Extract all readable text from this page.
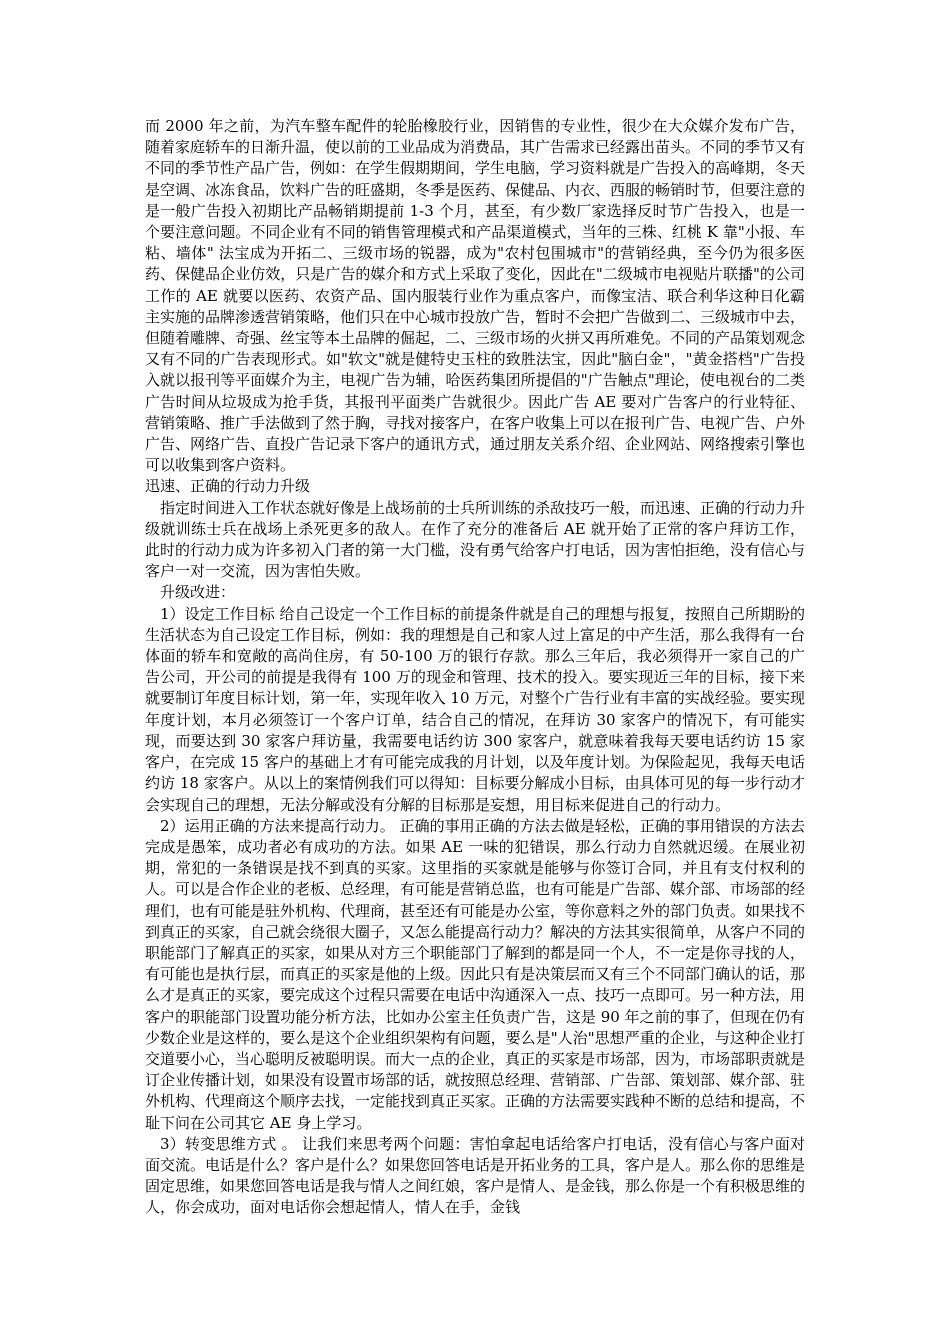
而 2000 年之前，为汽车整车配件的轮胎橡胶行业，因销售的专业性，很少在大众媒介发布广告，随着家庭轿车的日渐升温，使以前的工业品成为消费品，其广告需求已经露出苗头。不同的季节又有不同的季节性产品广告，例如：在学生假期期间，学生电脑，学习资料就是广告投入的高峰期，冬天是空调、冰冻食品，饮料广告的旺盛期，冬季是医药、保健品、内衣、西服的畅销时节，但要注意的是一般广告投入初期比产品畅销期提前 1-3 个月，甚至，有少数厂家选择反时节广告投入，也是一个要注意问题。不同企业有不同的销售管理模式和产品渠道模式，当年的三株、红桃 K 靠"小报、车粘、墙体" 法宝成为开拓二、三级市场的锐器，成为"农村包围城市"的营销经典，至今仍为很多医药、保健品企业仿效，只是广告的媒介和方式上采取了变化，因此在"二级城市电视贴片联播"的公司工作的 AE 就要以医药、农资产品、国内服装行业作为重点客户，而像宝洁、联合利华这种日化霸主实施的品牌渗透营销策略，他们只在中心城市投放广告，暂时不会把广告做到二、三级城市中去，但随着雕牌、奇强、丝宝等本土品牌的倔起，二、三级市场的火拼又再所难免。不同的产品策划观念又有不同的广告表现形式。如"软文"就是健特史玉柱的致胜法宝，因此"脑白金"，"黄金搭档"广告投入就以报刊等平面媒介为主，电视广告为辅，哈医药集团所提倡的"广告触点"理论，使电视台的二类广告时间从垃圾成为抢手货，其报刊平面类广告就很少。因此广告 AE 要对广告客户的行业特征、营销策略、推广手法做到了然于胸，寻找对接客户，在客户收集上可以在报刊广告、电视广告、户外广告、网络广告、直投广告记录下客户的通讯方式，通过朋友关系介绍、企业网站、网络搜索引擎也可以收集到客户资料。

迅速、正确的行动力升级

指定时间进入工作状态就好像是上战场前的士兵所训练的杀敌技巧一般，而迅速、正确的行动力升级就训练士兵在战场上杀死更多的敌人。在作了充分的准备后 AE 就开始了正常的客户拜访工作，此时的行动力成为许多初入门者的第一大门槛，没有勇气给客户打电话，因为害怕拒绝，没有信心与客户一对一交流，因为害怕失败。

升级改进：

1）设定工作目标 给自己设定一个工作目标的前提条件就是自己的理想与报复，按照自己所期盼的生活状态为自己设定工作目标，例如：我的理想是自己和家人过上富足的中产生活，那么我得有一台体面的轿车和宽敞的高尚住房，有 50-100 万的银行存款。那么三年后，我必须得开一家自己的广告公司，开公司的前提是我得有 100 万的现金和管理、技术的投入。要实现近三年的目标，接下来就要制订年度目标计划，第一年，实现年收入 10 万元，对整个广告行业有丰富的实战经验。要实现年度计划，本月必须签订一个客户订单，结合自己的情况，在拜访 30 家客户的情况下，有可能实现，而要达到 30 家客户拜访量，我需要电话约访 300 家客户，就意味着我每天要电话约访 15 家客户，在完成 15 客户的基础上才有可能完成我的月计划，以及年度计划。为保险起见，我每天电话约访 18 家客户。从以上的案情例我们可以得知：目标要分解成小目标，由具体可见的每一步行动才会实现自己的理想，无法分解或没有分解的目标那是妄想，用目标来促进自己的行动力。

2）运用正确的方法来提高行动力。 正确的事用正确的方法去做是轻松，正确的事用错误的方法去完成是愚笨，成功者必有成功的方法。如果 AE 一味的犯错误，那么行动力自然就迟缓。在展业初期，常犯的一条错误是找不到真的买家。这里指的买家就是能够与你签订合同，并且有支付权利的人。可以是合作企业的老板、总经理，有可能是营销总监，也有可能是广告部、媒介部、市场部的经理们，也有可能是驻外机构、代理商，甚至还有可能是办公室，等你意料之外的部门负责。如果找不到真正的买家，自己就会绕很大圈子，又怎么能提高行动力？解决的方法其实很简单，从客户不同的职能部门了解真正的买家，如果从对方三个职能部门了解到的都是同一个人，不一定是你寻找的人，有可能也是执行层，而真正的买家是他的上级。因此只有是决策层而又有三个不同部门确认的话，那么才是真正的买家，要完成这个过程只需要在电话中沟通深入一点、技巧一点即可。另一种方法，用客户的职能部门设置功能分析方法，比如办公室主任负责广告，这是 90 年之前的事了，但现在仍有少数企业是这样的，要么是这个企业组织架构有问题，要么是"人治"思想严重的企业，与这种企业打交道要小心，当心聪明反被聪明误。而大一点的企业，真正的买家是市场部，因为，市场部职责就是订企业传播计划，如果没有设置市场部的话，就按照总经理、营销部、广告部、策划部、媒介部、驻外机构、代理商这个顺序去找，一定能找到真正买家。正确的方法需要实践种不断的总结和提高，不耻下问在公司其它 AE 身上学习。

3）转变思维方式 。 让我们来思考两个问题：害怕拿起电话给客户打电话，没有信心与客户面对面交流。电话是什么？客户是什么？如果您回答电话是开拓业务的工具，客户是人。那么你的思维是固定思维，如果您回答电话是我与情人之间红娘，客户是情人、是金钱，那么你是一个有积极思维的人，你会成功，面对电话你会想起情人，情人在手，金钱
